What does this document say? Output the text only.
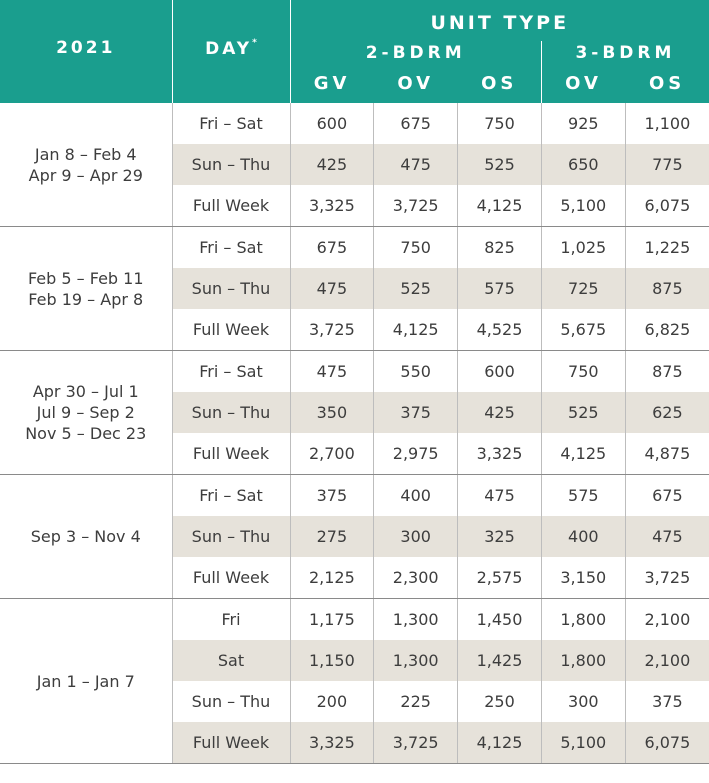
2021	DAY*	UNIT TYPE				
		2-BDRM			3-BDRM	
		GV	OV	OS	OV	OS

Jan 8 – Feb 4
Apr 9 – Apr 29	Fri – Sat	600	675	750	925	1,100
	Sun – Thu	425	475	525	650	775
	Full Week	3,325	3,725	4,125	5,100	6,075

Feb 5 – Feb 11
Feb 19 – Apr 8	Fri – Sat	675	750	825	1,025	1,225
	Sun – Thu	475	525	575	725	875
	Full Week	3,725	4,125	4,525	5,675	6,825

Apr 30 – Jul 1
Jul 9 – Sep 2
Nov 5 – Dec 23	Fri – Sat	475	550	600	750	875
	Sun – Thu	350	375	425	525	625
	Full Week	2,700	2,975	3,325	4,125	4,875

Sep 3 – Nov 4	Fri – Sat	375	400	475	575	675
	Sun – Thu	275	300	325	400	475
	Full Week	2,125	2,300	2,575	3,150	3,725

Jan 1 – Jan 7	Fri	1,175	1,300	1,450	1,800	2,100
	Sat	1,150	1,300	1,425	1,800	2,100
	Sun – Thu	200	225	250	300	375
	Full Week	3,325	3,725	4,125	5,100	6,075
